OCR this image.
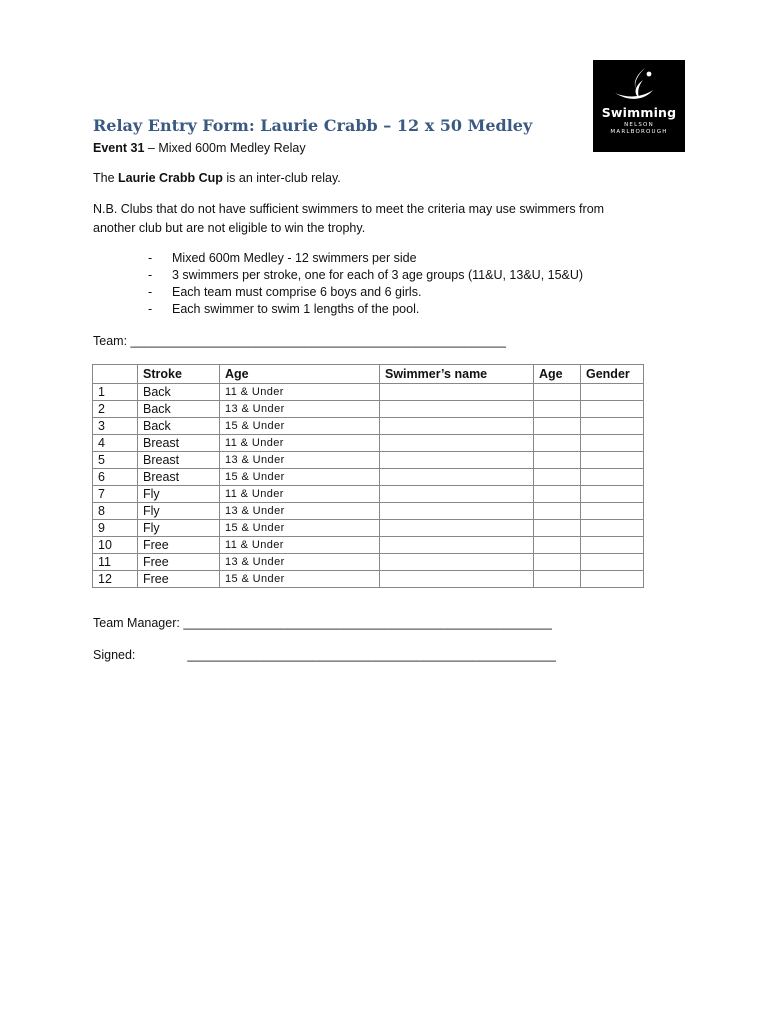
Swimming
NELSON
MARLBOROUGH
Relay Entry Form: Laurie Crabb – 12 x 50 Medley
Event 31 – Mixed 600m Medley Relay
The Laurie Crabb Cup is an inter-club relay.
N.B. Clubs that do not have sufficient swimmers to meet the criteria may use swimmers from
another club but are not eligible to win the trophy.
- Mixed 600m Medley - 12 swimmers per side
- 3 swimmers per stroke, one for each of 3 age groups (11&U, 13&U, 15&U)
- Each team must comprise 6 boys and 6 girls.
- Each swimmer to swim 1 lengths of the pool.
Team: ______________________________________________________
	Stroke	Age	Swimmer’s name	Age	Gender
1	Back	11 & Under			
2	Back	13 & Under			
3	Back	15 & Under			
4	Breast	11 & Under			
5	Breast	13 & Under			
6	Breast	15 & Under			
7	Fly	11 & Under			
8	Fly	13 & Under			
9	Fly	15 & Under			
10	Free	11 & Under			
11	Free	13 & Under			
12	Free	15 & Under			
Team Manager: _____________________________________________________
Signed:	_____________________________________________________
